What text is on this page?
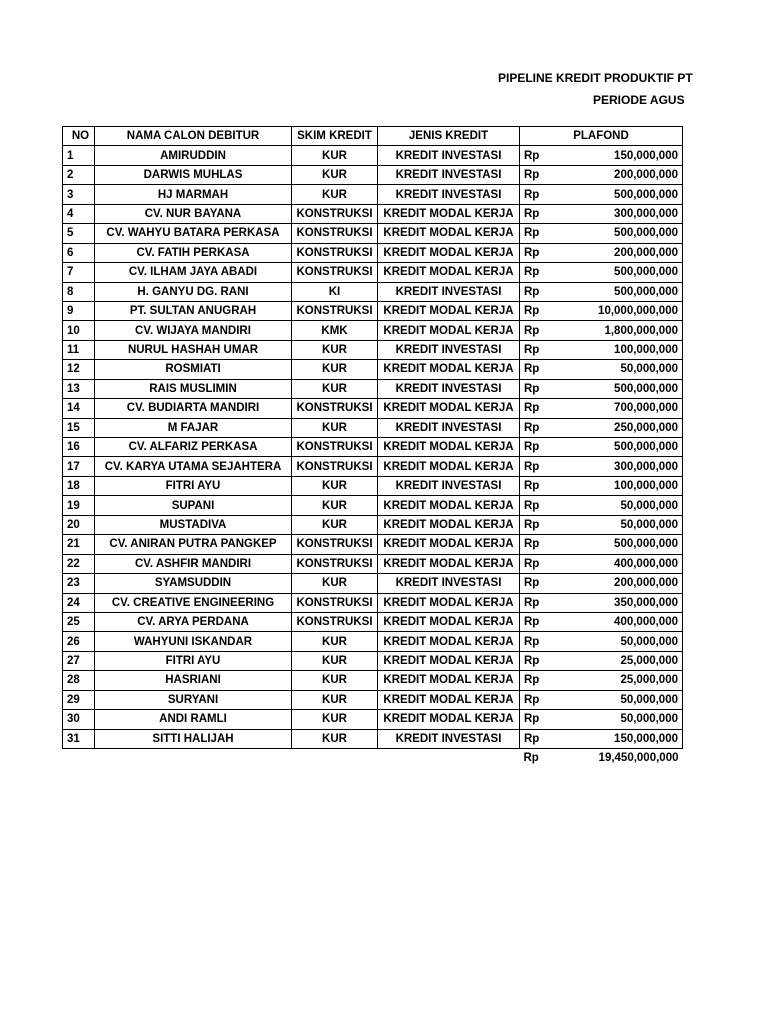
PIPELINE KREDIT PRODUKTIF PT
PERIODE AGUS
NO	NAMA CALON DEBITUR	SKIM KREDIT	JENIS KREDIT	PLAFOND	
1	AMIRUDDIN	KUR	KREDIT INVESTASI	Rp	150,000,000
2	DARWIS MUHLAS	KUR	KREDIT INVESTASI	Rp	200,000,000
3	HJ MARMAH	KUR	KREDIT INVESTASI	Rp	500,000,000
4	CV. NUR BAYANA	KONSTRUKSI	KREDIT MODAL KERJA	Rp	300,000,000
5	CV. WAHYU BATARA PERKASA	KONSTRUKSI	KREDIT MODAL KERJA	Rp	500,000,000
6	CV. FATIH PERKASA	KONSTRUKSI	KREDIT MODAL KERJA	Rp	200,000,000
7	CV. ILHAM JAYA ABADI	KONSTRUKSI	KREDIT MODAL KERJA	Rp	500,000,000
8	H. GANYU DG. RANI	KI	KREDIT INVESTASI	Rp	500,000,000
9	PT. SULTAN ANUGRAH	KONSTRUKSI	KREDIT MODAL KERJA	Rp	10,000,000,000
10	CV. WIJAYA MANDIRI	KMK	KREDIT MODAL KERJA	Rp	1,800,000,000
11	NURUL HASHAH UMAR	KUR	KREDIT INVESTASI	Rp	100,000,000
12	ROSMIATI	KUR	KREDIT MODAL KERJA	Rp	50,000,000
13	RAIS MUSLIMIN	KUR	KREDIT INVESTASI	Rp	500,000,000
14	CV. BUDIARTA MANDIRI	KONSTRUKSI	KREDIT MODAL KERJA	Rp	700,000,000
15	M FAJAR	KUR	KREDIT INVESTASI	Rp	250,000,000
16	CV. ALFARIZ PERKASA	KONSTRUKSI	KREDIT MODAL KERJA	Rp	500,000,000
17	CV. KARYA UTAMA SEJAHTERA	KONSTRUKSI	KREDIT MODAL KERJA	Rp	300,000,000
18	FITRI AYU	KUR	KREDIT INVESTASI	Rp	100,000,000
19	SUPANI	KUR	KREDIT MODAL KERJA	Rp	50,000,000
20	MUSTADIVA	KUR	KREDIT MODAL KERJA	Rp	50,000,000
21	CV. ANIRAN PUTRA PANGKEP	KONSTRUKSI	KREDIT MODAL KERJA	Rp	500,000,000
22	CV. ASHFIR MANDIRI	KONSTRUKSI	KREDIT MODAL KERJA	Rp	400,000,000
23	SYAMSUDDIN	KUR	KREDIT INVESTASI	Rp	200,000,000
24	CV. CREATIVE ENGINEERING	KONSTRUKSI	KREDIT MODAL KERJA	Rp	350,000,000
25	CV. ARYA PERDANA	KONSTRUKSI	KREDIT MODAL KERJA	Rp	400,000,000
26	WAHYUNI ISKANDAR	KUR	KREDIT MODAL KERJA	Rp	50,000,000
27	FITRI AYU	KUR	KREDIT MODAL KERJA	Rp	25,000,000
28	HASRIANI	KUR	KREDIT MODAL KERJA	Rp	25,000,000
29	SURYANI	KUR	KREDIT MODAL KERJA	Rp	50,000,000
30	ANDI RAMLI	KUR	KREDIT MODAL KERJA	Rp	50,000,000
31	SITTI HALIJAH	KUR	KREDIT INVESTASI	Rp	150,000,000
				Rp	19,450,000,000
